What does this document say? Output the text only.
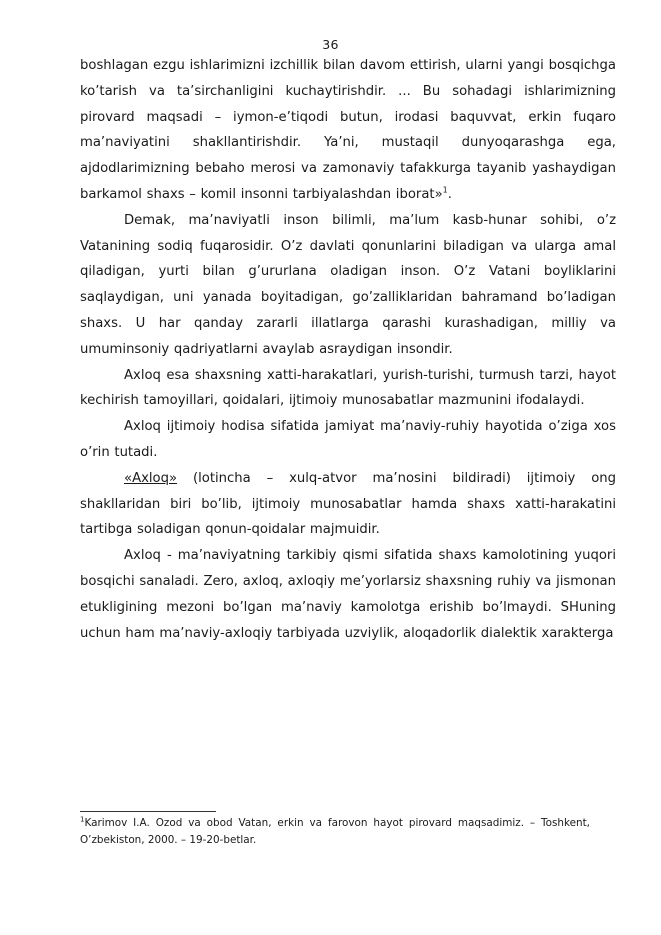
36

boshlagan ezgu ishlarimizni izchillik bilan davom ettirish, ularni yangi bosqichga ko’tarish va ta’sirchanligini kuchaytirishdir. ... Bu sohadagi ishlarimizning pirovard maqsadi – iymon-e’tiqodi butun, irodasi baquvvat, erkin fuqaro ma’naviyatini shakllantirishdir. Ya’ni, mustaqil dunyoqarashga ega, ajdodlarimizning bebaho merosi va zamonaviy tafakkurga tayanib yashaydigan barkamol shaxs – komil insonni tarbiyalashdan iborat»$^1$.

Demak, ma’naviyatli inson bilimli, ma’lum kasb-hunar sohibi, o’z Vatanining sodiq fuqarosidir. O’z davlati qonunlarini biladigan va ularga amal qiladigan, yurti bilan g’ururlana oladigan inson. O’z Vatani boyliklarini saqlaydigan, uni yanada boyitadigan, go’zalliklaridan bahramand bo’ladigan shaxs. U har qanday zararli illatlarga qarashi kurashadigan, milliy va umuminsoniy qadriyatlarni avaylab asraydigan insondir.

Axloq esa shaxsning xatti-harakatlari, yurish-turishi, turmush tarzi, hayot kechirish tamoyillari, qoidalari, ijtimoiy munosabatlar mazmunini ifodalaydi.

Axloq ijtimoiy hodisa sifatida jamiyat ma’naviy-ruhiy hayotida o’ziga xos o’rin tutadi.

«Axloq» (lotincha – xulq-atvor ma’nosini bildiradi) ijtimoiy ong shakllaridan biri bo’lib, ijtimoiy munosabatlar hamda shaxs xatti-harakatini tartibga soladigan qonun-qoidalar majmuidir.

Axloq - ma’naviyatning tarkibiy qismi sifatida shaxs kamolotining yuqori bosqichi sanaladi. Zero, axloq, axloqiy me’yorlarsiz shaxsning ruhiy va jismonan etukligining mezoni bo’lgan ma’naviy kamolotga erishib bo’lmaydi. SHuning uchun ham ma’naviy-axloqiy tarbiyada uzviylik, aloqadorlik dialektik xarakterga

$^1$Karimov I.A. Ozod va obod Vatan, erkin va farovon hayot pirovard maqsadimiz. – Toshkent, O’zbekiston, 2000. – 19-20-betlar.
